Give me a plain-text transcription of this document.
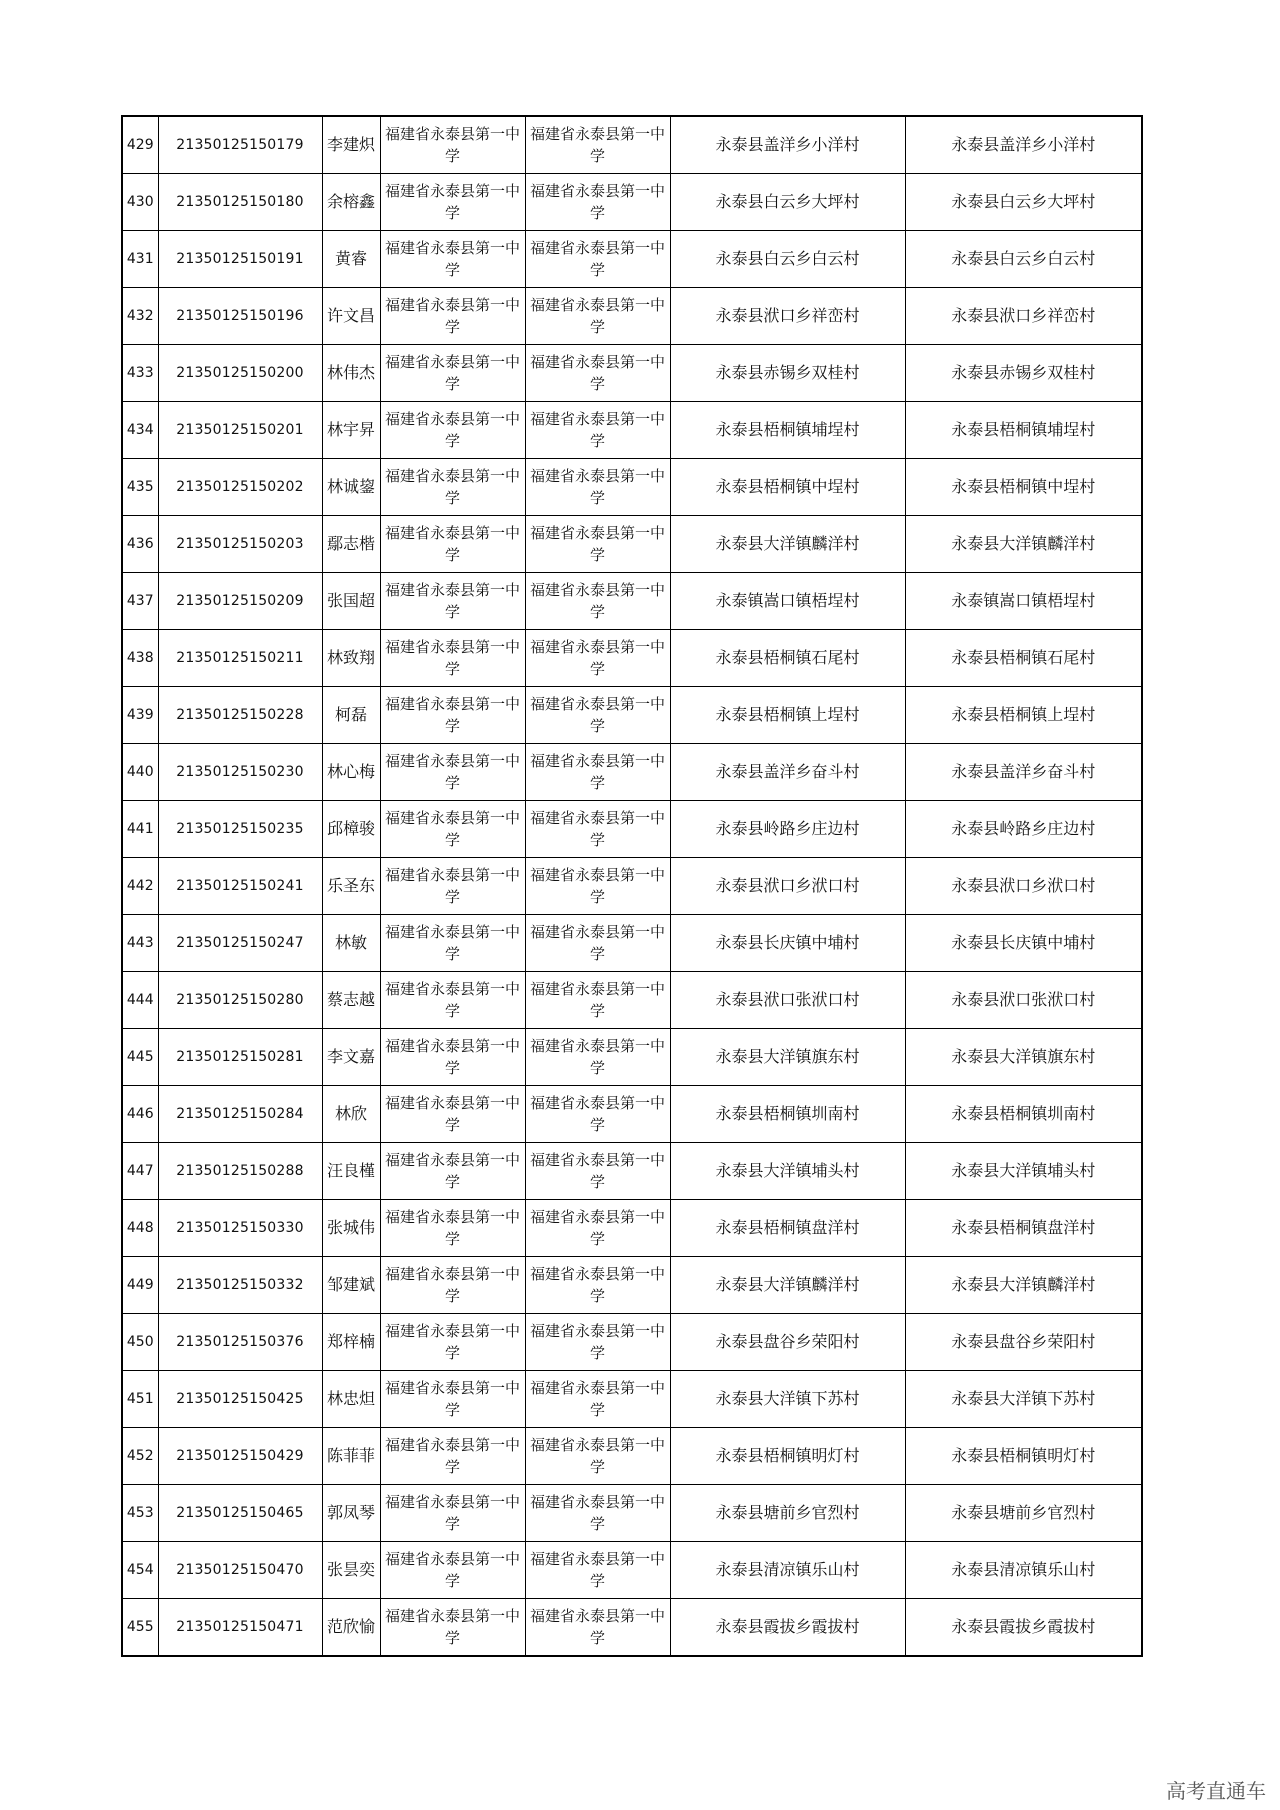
429	21350125150179	李建炽	福建省永泰县第一中学	福建省永泰县第一中学	永泰县盖洋乡小洋村	永泰县盖洋乡小洋村
430	21350125150180	余榕鑫	福建省永泰县第一中学	福建省永泰县第一中学	永泰县白云乡大坪村	永泰县白云乡大坪村
431	21350125150191	黄睿	福建省永泰县第一中学	福建省永泰县第一中学	永泰县白云乡白云村	永泰县白云乡白云村
432	21350125150196	许文昌	福建省永泰县第一中学	福建省永泰县第一中学	永泰县洑口乡祥峦村	永泰县洑口乡祥峦村
433	21350125150200	林伟杰	福建省永泰县第一中学	福建省永泰县第一中学	永泰县赤锡乡双桂村	永泰县赤锡乡双桂村
434	21350125150201	林宇昇	福建省永泰县第一中学	福建省永泰县第一中学	永泰县梧桐镇埔埕村	永泰县梧桐镇埔埕村
435	21350125150202	林诚鋆	福建省永泰县第一中学	福建省永泰县第一中学	永泰县梧桐镇中埕村	永泰县梧桐镇中埕村
436	21350125150203	鄢志楷	福建省永泰县第一中学	福建省永泰县第一中学	永泰县大洋镇麟洋村	永泰县大洋镇麟洋村
437	21350125150209	张国超	福建省永泰县第一中学	福建省永泰县第一中学	永泰镇嵩口镇梧埕村	永泰镇嵩口镇梧埕村
438	21350125150211	林致翔	福建省永泰县第一中学	福建省永泰县第一中学	永泰县梧桐镇石尾村	永泰县梧桐镇石尾村
439	21350125150228	柯磊	福建省永泰县第一中学	福建省永泰县第一中学	永泰县梧桐镇上埕村	永泰县梧桐镇上埕村
440	21350125150230	林心梅	福建省永泰县第一中学	福建省永泰县第一中学	永泰县盖洋乡奋斗村	永泰县盖洋乡奋斗村
441	21350125150235	邱樟骏	福建省永泰县第一中学	福建省永泰县第一中学	永泰县岭路乡庄边村	永泰县岭路乡庄边村
442	21350125150241	乐圣东	福建省永泰县第一中学	福建省永泰县第一中学	永泰县洑口乡洑口村	永泰县洑口乡洑口村
443	21350125150247	林敏	福建省永泰县第一中学	福建省永泰县第一中学	永泰县长庆镇中埔村	永泰县长庆镇中埔村
444	21350125150280	蔡志越	福建省永泰县第一中学	福建省永泰县第一中学	永泰县洑口张洑口村	永泰县洑口张洑口村
445	21350125150281	李文嘉	福建省永泰县第一中学	福建省永泰县第一中学	永泰县大洋镇旗东村	永泰县大洋镇旗东村
446	21350125150284	林欣	福建省永泰县第一中学	福建省永泰县第一中学	永泰县梧桐镇圳南村	永泰县梧桐镇圳南村
447	21350125150288	汪良槿	福建省永泰县第一中学	福建省永泰县第一中学	永泰县大洋镇埔头村	永泰县大洋镇埔头村
448	21350125150330	张城伟	福建省永泰县第一中学	福建省永泰县第一中学	永泰县梧桐镇盘洋村	永泰县梧桐镇盘洋村
449	21350125150332	邹建斌	福建省永泰县第一中学	福建省永泰县第一中学	永泰县大洋镇麟洋村	永泰县大洋镇麟洋村
450	21350125150376	郑梓楠	福建省永泰县第一中学	福建省永泰县第一中学	永泰县盘谷乡荣阳村	永泰县盘谷乡荣阳村
451	21350125150425	林忠炟	福建省永泰县第一中学	福建省永泰县第一中学	永泰县大洋镇下苏村	永泰县大洋镇下苏村
452	21350125150429	陈菲菲	福建省永泰县第一中学	福建省永泰县第一中学	永泰县梧桐镇明灯村	永泰县梧桐镇明灯村
453	21350125150465	郭凤琴	福建省永泰县第一中学	福建省永泰县第一中学	永泰县塘前乡官烈村	永泰县塘前乡官烈村
454	21350125150470	张昙奕	福建省永泰县第一中学	福建省永泰县第一中学	永泰县清凉镇乐山村	永泰县清凉镇乐山村
455	21350125150471	范欣愉	福建省永泰县第一中学	福建省永泰县第一中学	永泰县霞拔乡霞拔村	永泰县霞拔乡霞拔村
高考直通车
